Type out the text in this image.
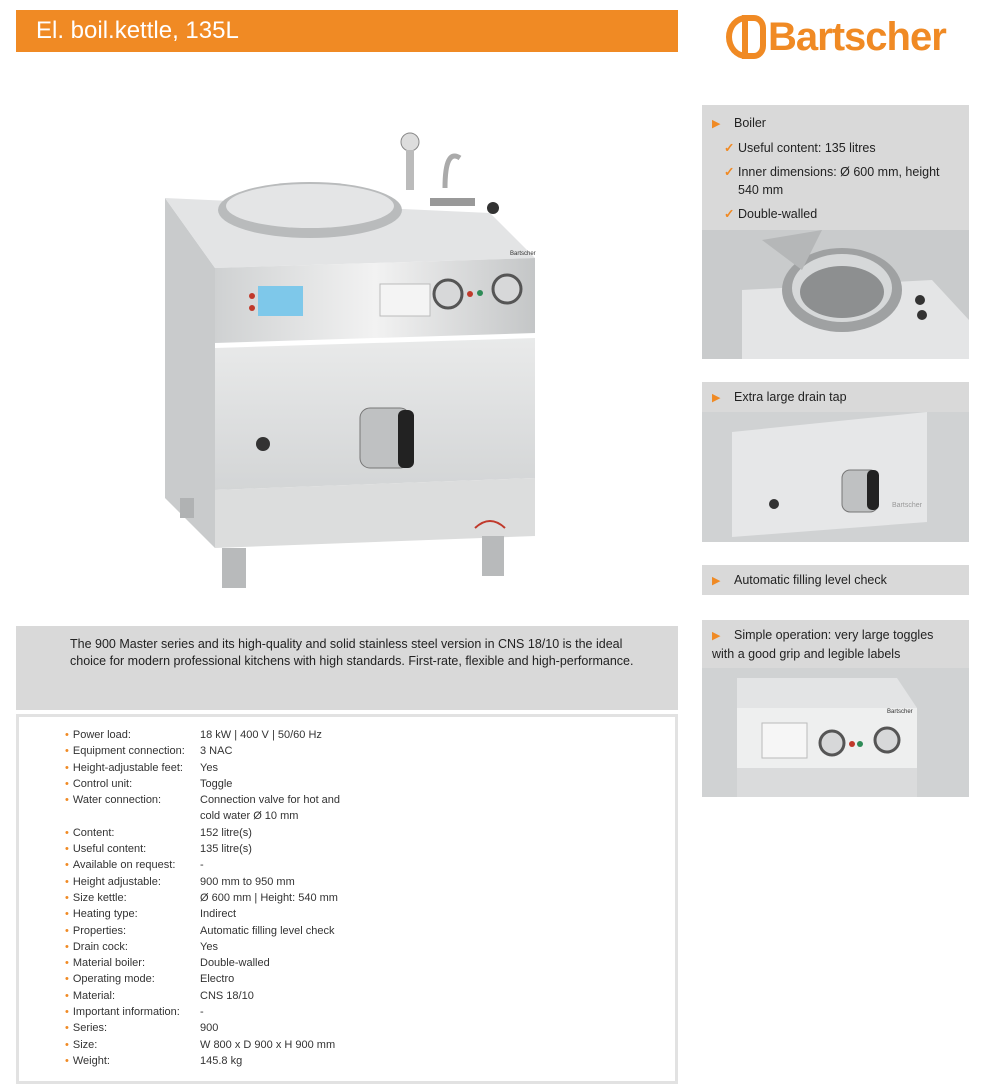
El. boil.kettle, 135L	Bartscher
Bartscher
The 900 Master series and its high-quality and solid stainless steel version in CNS 18/10 is the ideal choice for modern professional kitchens with high standards. First-rate, flexible and high-performance.
• Power load:	18 kW | 400 V | 50/60 Hz
• Equipment connection:	3 NAC
• Height-adjustable feet:	Yes
• Control unit:	Toggle
• Water connection:	Connection valve for hot and cold water Ø 10 mm
• Content:	152 litre(s)
• Useful content:	135 litre(s)
• Available on request:	-
• Height adjustable:	900 mm to 950 mm
• Size kettle:	Ø 600 mm | Height: 540 mm
• Heating type:	Indirect
• Properties:	Automatic filling level check
• Drain cock:	Yes
• Material boiler:	Double-walled
• Operating mode:	Electro
• Material:	CNS 18/10
• Important information:	-
• Series:	900
• Size:	W 800 x D 900 x H 900 mm
• Weight:	145.8 kg
▶ Boiler
✓ Useful content: 135 litres
✓ Inner dimensions: Ø 600 mm, height 540 mm
✓ Double-walled
▶ Extra large drain tap
Bartscher
▶ Automatic filling level check
▶ Simple operation: very large toggles with a good grip and legible labels
Bartscher
